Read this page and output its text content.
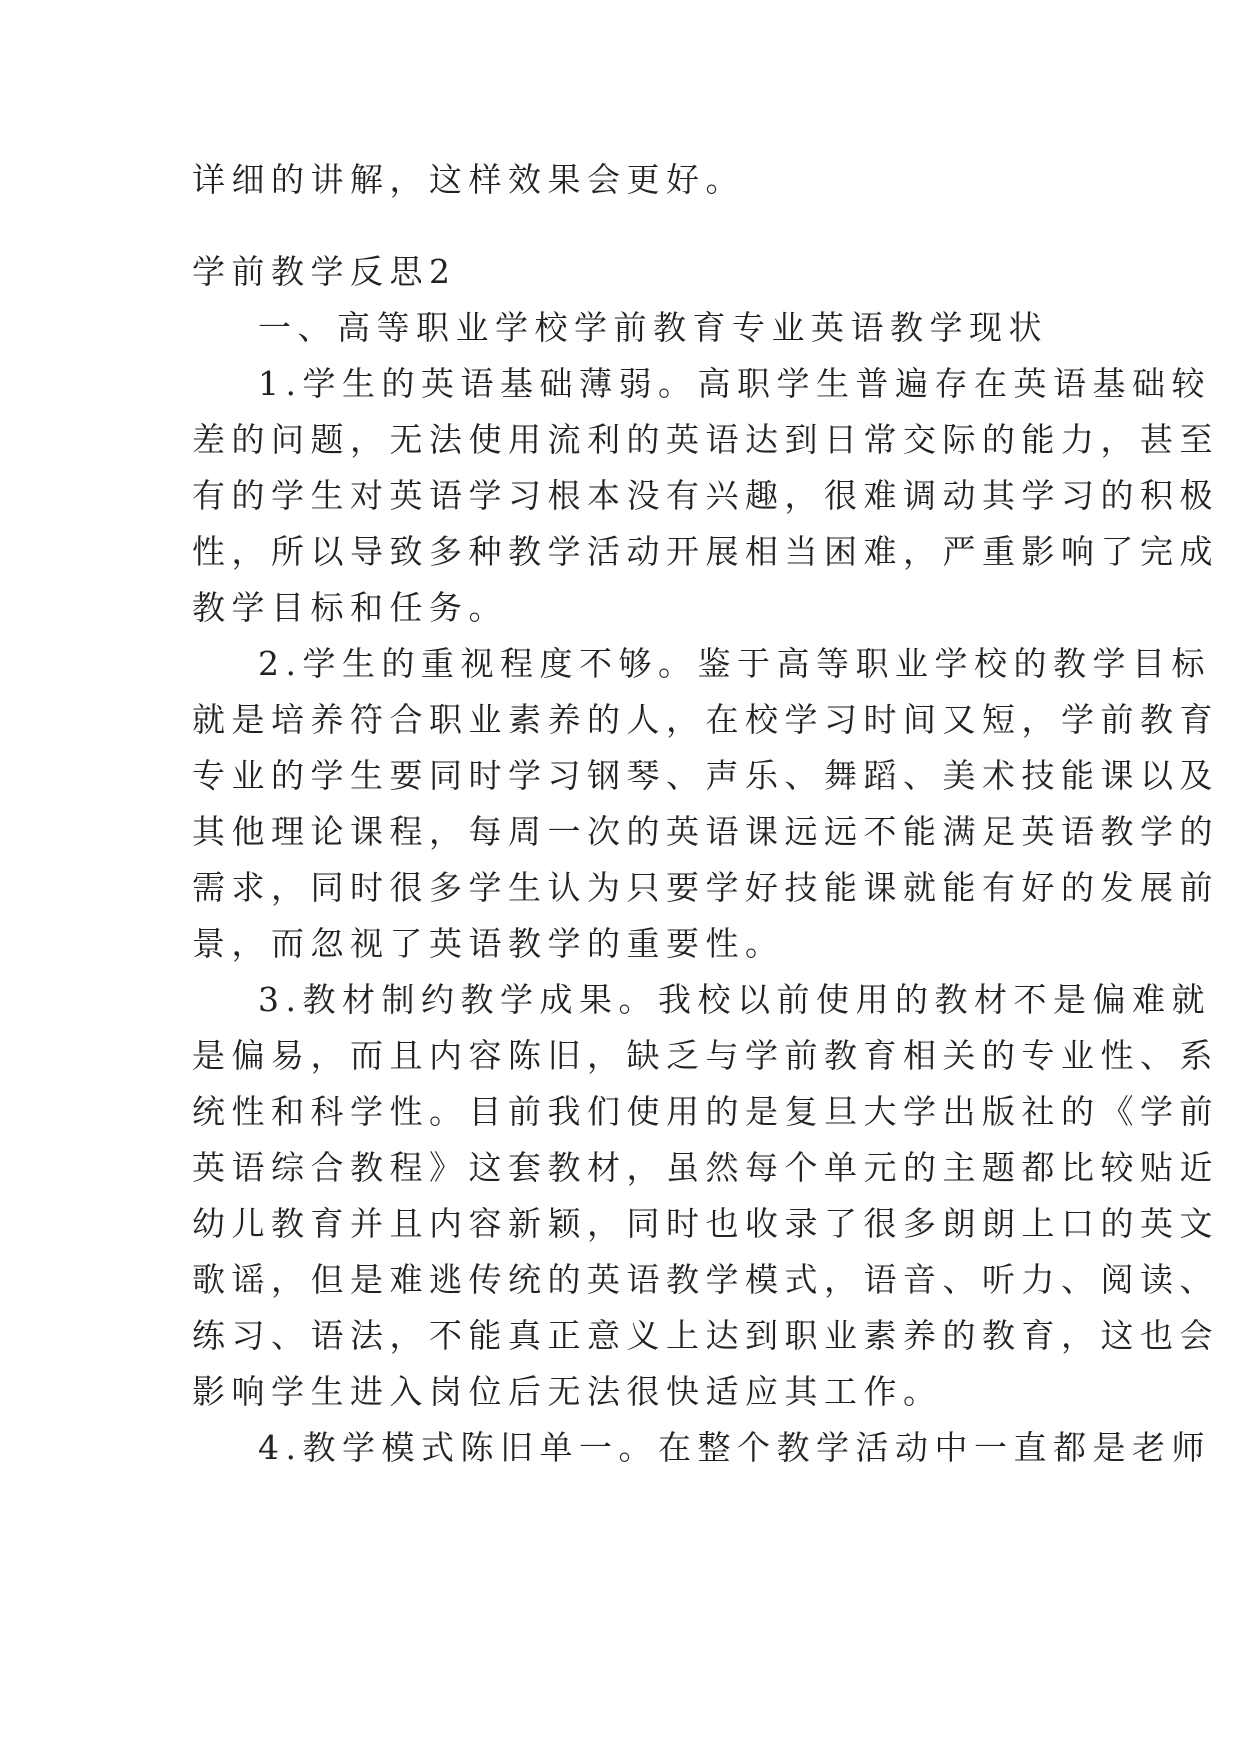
详细的讲解，这样效果会更好。
学前教学反思2
一、高等职业学校学前教育专业英语教学现状
1.学生的英语基础薄弱。高职学生普遍存在英语基础较
差的问题，无法使用流利的英语达到日常交际的能力，甚至
有的学生对英语学习根本没有兴趣，很难调动其学习的积极
性，所以导致多种教学活动开展相当困难，严重影响了完成
教学目标和任务。
2.学生的重视程度不够。鉴于高等职业学校的教学目标
就是培养符合职业素养的人，在校学习时间又短，学前教育
专业的学生要同时学习钢琴、声乐、舞蹈、美术技能课以及
其他理论课程，每周一次的英语课远远不能满足英语教学的
需求，同时很多学生认为只要学好技能课就能有好的发展前
景，而忽视了英语教学的重要性。
3.教材制约教学成果。我校以前使用的教材不是偏难就
是偏易，而且内容陈旧，缺乏与学前教育相关的专业性、系
统性和科学性。目前我们使用的是复旦大学出版社的《学前
英语综合教程》这套教材，虽然每个单元的主题都比较贴近
幼儿教育并且内容新颖，同时也收录了很多朗朗上口的英文
歌谣，但是难逃传统的英语教学模式，语音、听力、阅读、
练习、语法，不能真正意义上达到职业素养的教育，这也会
影响学生进入岗位后无法很快适应其工作。
4.教学模式陈旧单一。在整个教学活动中一直都是老师
